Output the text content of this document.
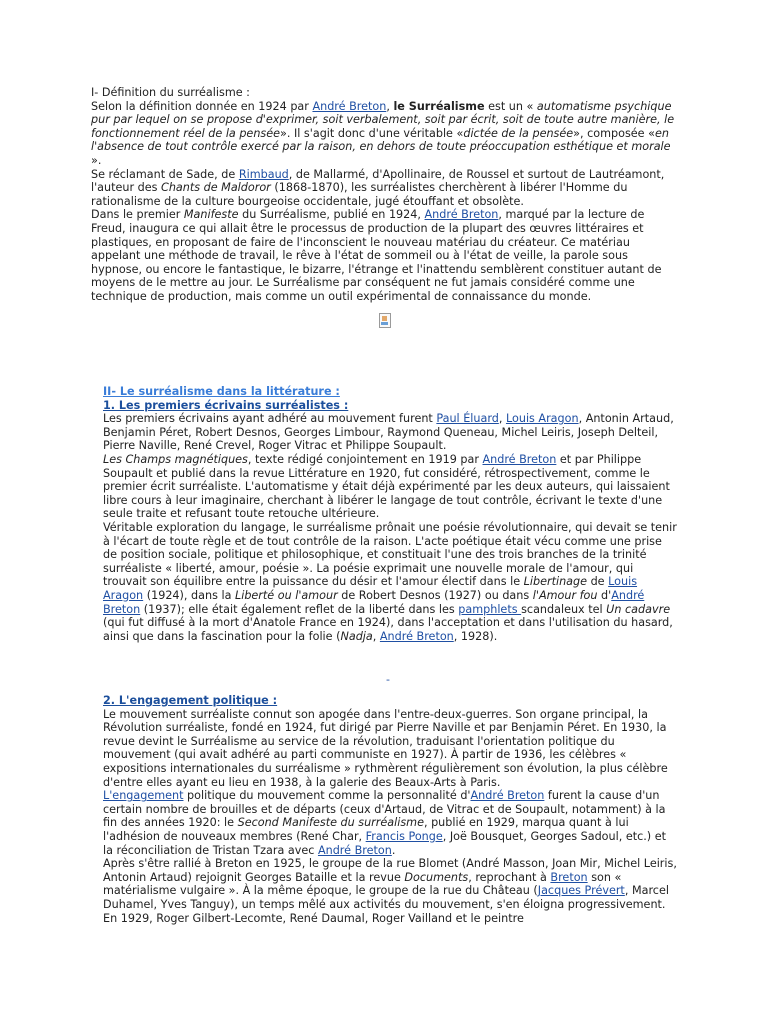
I- Définition du surréalisme :

Selon la définition donnée en 1924 par André Breton, le Surréalisme est un « automatisme psychique pur par lequel on se propose d'exprimer, soit verbalement, soit par écrit, soit de toute autre manière, le fonctionnement réel de la pensée». Il s'agit donc d'une véritable «dictée de la pensée», composée «en l'absence de tout contrôle exercé par la raison, en dehors de toute préoccupation esthétique et morale ».

Se réclamant de Sade, de Rimbaud, de Mallarmé, d'Apollinaire, de Roussel et surtout de Lautréamont, l'auteur des Chants de Maldoror (1868-1870), les surréalistes cherchèrent à libérer l'Homme du rationalisme de la culture bourgeoise occidentale, jugé étouffant et obsolète.

Dans le premier Manifeste du Surréalisme, publié en 1924, André Breton, marqué par la lecture de Freud, inaugura ce qui allait être le processus de production de la plupart des œuvres littéraires et plastiques, en proposant de faire de l'inconscient le nouveau matériau du créateur. Ce matériau appelant une méthode de travail, le rêve à l'état de sommeil ou à l'état de veille, la parole sous hypnose, ou encore le fantastique, le bizarre, l'étrange et l'inattendu semblèrent constituer autant de moyens de le mettre au jour. Le Surréalisme par conséquent ne fut jamais considéré comme une technique de production, mais comme un outil expérimental de connaissance du monde.

II- Le surréalisme dans la littérature :

1. Les premiers écrivains surréalistes :

Les premiers écrivains ayant adhéré au mouvement furent Paul Éluard, Louis Aragon, Antonin Artaud, Benjamin Péret, Robert Desnos, Georges Limbour, Raymond Queneau, Michel Leiris, Joseph Delteil, Pierre Naville, René Crevel, Roger Vitrac et Philippe Soupault.

Les Champs magnétiques, texte rédigé conjointement en 1919 par André Breton et par Philippe Soupault et publié dans la revue Littérature en 1920, fut considéré, rétrospectivement, comme le premier écrit surréaliste. L'automatisme y était déjà expérimenté par les deux auteurs, qui laissaient libre cours à leur imaginaire, cherchant à libérer le langage de tout contrôle, écrivant le texte d'une seule traite et refusant toute retouche ultérieure.

Véritable exploration du langage, le surréalisme prônait une poésie révolutionnaire, qui devait se tenir à l'écart de toute règle et de tout contrôle de la raison. L'acte poétique était vécu comme une prise de position sociale, politique et philosophique, et constituait l'une des trois branches de la trinité surréaliste « liberté, amour, poésie ». La poésie exprimait une nouvelle morale de l'amour, qui trouvait son équilibre entre la puissance du désir et l'amour électif dans le Libertinage de Louis Aragon (1924), dans la Liberté ou l'amour de Robert Desnos (1927) ou dans l'Amour fou d'André Breton (1937); elle était également reflet de la liberté dans les pamphlets scandaleux tel Un cadavre (qui fut diffusé à la mort d'Anatole France en 1924), dans l'acceptation et dans l'utilisation du hasard, ainsi que dans la fascination pour la folie (Nadja, André Breton, 1928).

-

2. L'engagement politique :

Le mouvement surréaliste connut son apogée dans l'entre-deux-guerres. Son organe principal, la Révolution surréaliste, fondé en 1924, fut dirigé par Pierre Naville et par Benjamin Péret. En 1930, la revue devint le Surréalisme au service de la révolution, traduisant l'orientation politique du mouvement (qui avait adhéré au parti communiste en 1927). À partir de 1936, les célèbres « expositions internationales du surréalisme » rythmèrent régulièrement son évolution, la plus célèbre d'entre elles ayant eu lieu en 1938, à la galerie des Beaux-Arts à Paris.

L'engagement politique du mouvement comme la personnalité d'André Breton furent la cause d'un certain nombre de brouilles et de départs (ceux d'Artaud, de Vitrac et de Soupault, notamment) à la fin des années 1920: le Second Manifeste du surréalisme, publié en 1929, marqua quant à lui l'adhésion de nouveaux membres (René Char, Francis Ponge, Joë Bousquet, Georges Sadoul, etc.) et la réconciliation de Tristan Tzara avec André Breton.

Après s'être rallié à Breton en 1925, le groupe de la rue Blomet (André Masson, Joan Mir, Michel Leiris, Antonin Artaud) rejoignit Georges Bataille et la revue Documents, reprochant à Breton son « matérialisme vulgaire ». À la même époque, le groupe de la rue du Château (Jacques Prévert, Marcel Duhamel, Yves Tanguy), un temps mêlé aux activités du mouvement, s'en éloigna progressivement. En 1929, Roger Gilbert-Lecomte, René Daumal, Roger Vailland et le peintre
